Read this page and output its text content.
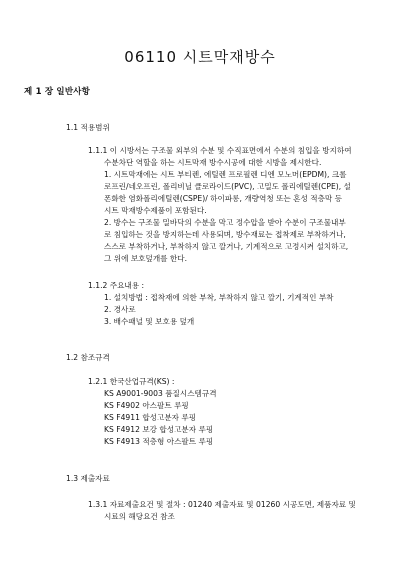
06110 시트막재방수
제 1 장 일반사항
1.1 적용범위
1.1.1 이 시방서는 구조물 외부의 수분 및 수직표면에서 수분의 침입을 방지하여
수분차단 역할을 하는 시트막재 방수시공에 대한 시방을 제시한다.
1. 시트막재에는 시트 부티렌, 에틸렌 프로필렌 디엔 모노머(EPDM), 크롤
로프린/네오프린, 폴리비닐 클로라이드(PVC), 고밀도 폴리에틸렌(CPE), 설
폰화한 염화폴리에틸렌(CSPE)/ 하이파롱, 개량역청 또는 혼성 적층막 등
시트 막재방수제품이 포함된다.
2. 방수는 구조물 밀바닥의 수분을 막고 정수압을 받아 수분이 구조물내부
로 침입하는 것을 방지하는데 사용되며, 방수재료는 접착제로 부착하거나,
스스로 부착하거나, 부착하지 않고 깔거나, 기계적으로 고정시켜 설치하고,
그 위에 보호덮개를 한다.
1.1.2 주요내용 :
1. 설치방법 : 접착재에 의한 부착, 부착하지 않고 깔기, 기계적인 부착
2. 경사로
3. 배수패널 및 보호용 덮개
1.2 참조규격
1.2.1 한국산업규격(KS) :
KS A9001-9003 품질시스템규격
KS F4902 아스팔트 루핑
KS F4911 합성고분자 루핑
KS F4912 보강 합성고분자 루핑
KS F4913 적층형 아스팔트 루핑
1.3 제출자료
1.3.1 자료제출요건 및 절차 : 01240 제출자료 및 01260 시공도면, 제품자료 및
시료의 해당요건 참조
